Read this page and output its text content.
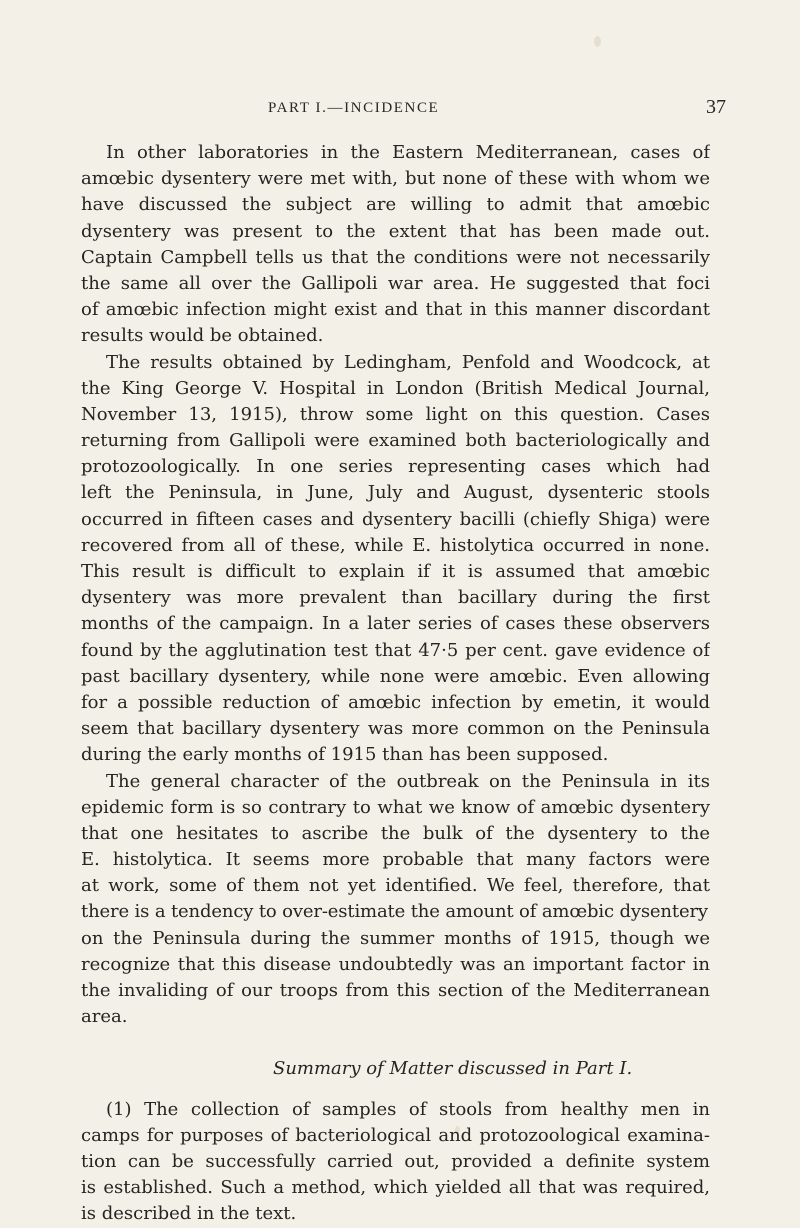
PART I.—INCIDENCE	37
In other laboratories in the Eastern Mediterranean, cases of
amœbic dysentery were met with, but none of these with whom we
have discussed the subject are willing to admit that amœbic
dysentery was present to the extent that has been made out.
Captain Campbell tells us that the conditions were not necessarily
the same all over the Gallipoli war area. He suggested that foci
of amœbic infection might exist and that in this manner discordant
results would be obtained.
The results obtained by Ledingham, Penfold and Woodcock, at
the King George V. Hospital in London (British Medical Journal,
November 13, 1915), throw some light on this question. Cases
returning from Gallipoli were examined both bacteriologically and
protozoologically. In one series representing cases which had
left the Peninsula, in June, July and August, dysenteric stools
occurred in fifteen cases and dysentery bacilli (chiefly Shiga) were
recovered from all of these, while E. histolytica occurred in none.
This result is difficult to explain if it is assumed that amœbic
dysentery was more prevalent than bacillary during the first
months of the campaign. In a later series of cases these observers
found by the agglutination test that 47·5 per cent. gave evidence of
past bacillary dysentery, while none were amœbic. Even allowing
for a possible reduction of amœbic infection by emetin, it would
seem that bacillary dysentery was more common on the Peninsula
during the early months of 1915 than has been supposed.
The general character of the outbreak on the Peninsula in its
epidemic form is so contrary to what we know of amœbic dysentery
that one hesitates to ascribe the bulk of the dysentery to the
E. histolytica. It seems more probable that many factors were
at work, some of them not yet identified. We feel, therefore, that
there is a tendency to over-estimate the amount of amœbic dysentery
on the Peninsula during the summer months of 1915, though we
recognize that this disease undoubtedly was an important factor in
the invaliding of our troops from this section of the Mediterranean
area.
Summary of Matter discussed in Part I.
(1) The collection of samples of stools from healthy men in
camps for purposes of bacteriological and protozoological examina-
tion can be successfully carried out, provided a definite system
is established. Such a method, which yielded all that was required,
is described in the text.
